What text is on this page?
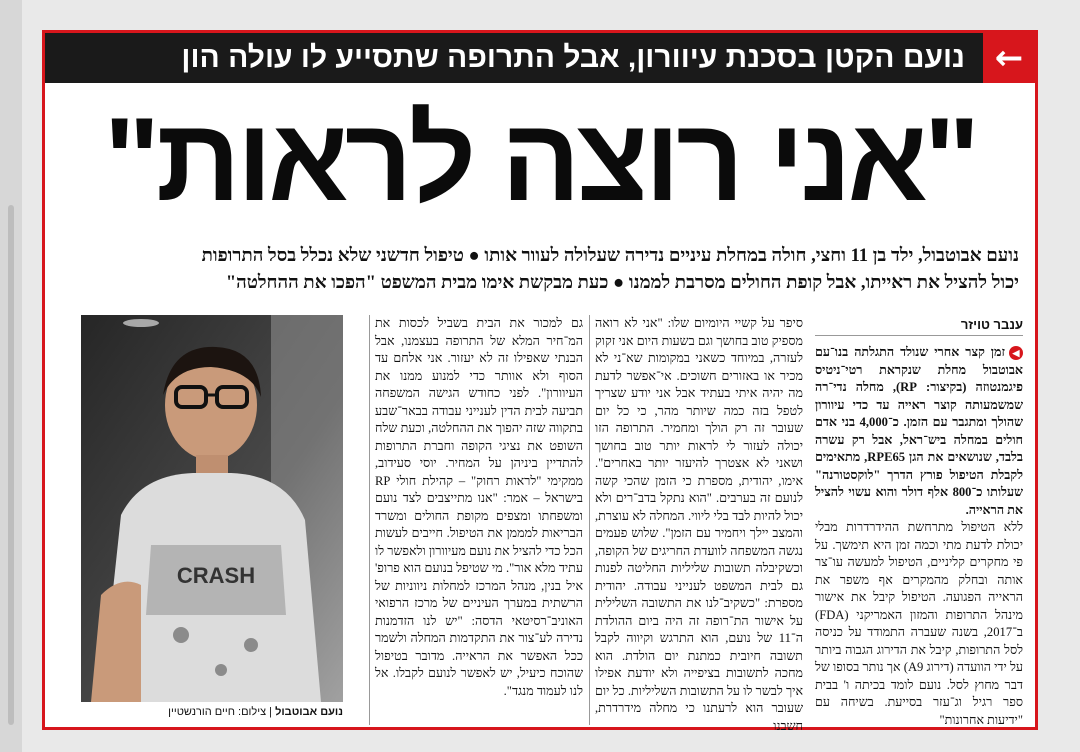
←
נועם הקטן בסכנת עיוורון, אבל התרופה שתסייע לו עולה הון
"אני רוצה לראות"
נועם אבוטבול, ילד בן 11 וחצי, חולה במחלת עיניים נדירה שעלולה לעוור אותו ● טיפול חדשני שלא נכלל בסל התרופות
יכול להציל את ראייתו, אבל קופת החולים מסרבת לממנו ● כעת מבקשת אימו מבית המשפט "הפכו את ההחלטה"
CRASH
נועם אבוטבול | צילום: חיים הורנשטיין
ענבר טויזר

◀זמן קצר אחרי שנולד התגלתה בנו־עם אבוטבול מחלת שנקראת רטי־ניטיס פיגמנטוזה (בקיצור: RP), מחלה נדי־רה שמשמעותה קוצר ראייה עד כדי עיוורון שהולך ומתגבר עם הזמן. כ־4,000 בני אדם חולים במחלה ביש־ראל, אבל רק עשרה בלבד, שנושאים את הגן RPE65, מתאימים לקבלת הטיפול פורץ הדרך "לוקסטורנה" שעלותו כ־800 אלף דולר והוא עשוי להציל את הראייה.

ללא הטיפול מתרחשת ההידרדרות מבלי יכולת לדעת מתי וכמה זמן היא תימשך. על פי מחקרים קליניים, הטיפול למעשה עו־צר אותה ובחלק מהמקרים אף משפר את הראייה הפגועה. הטיפול קיבל את אישור מינהל התרופות והמזון האמריקני (FDA) ב־2017, בשנה שעברה התמודד על כניסה לסל התרופות, קיבל את הדירוג הגבוה ביותר על ידי הוועדה (דירוג A9) אך נותר בסופו של דבר מחוץ לסל. נועם לומד בכיתה ו' בבית ספר רגיל וג־עזר בסייעת. בשיחה עם "ידיעות אחרונות"

סיפר על קשיי היומיום שלו: "אני לא רואה מספיק טוב בחושך וגם בשעות היום אני זקוק לעזרה, במיוחד כשאני במקומות שא־ני לא מכיר או באזורים חשוכים. אי־אפשר לדעת מה יהיה איתי בעתיד אבל אני יודע שצריך לטפל בזה כמה שיותר מהר, כי כל יום שעובר זה רק הולך ומחמיר. התרופה הזו יכולה לעזור לי לראות יותר טוב בחושך ושאני לא אצטרך להיעזר יותר באחרים". אימו, יהודית, מספרת כי הזמן שהכי קשה לנועם זה בערבים. "הוא נתקל בדב־רים ולא יכול להיות לבד בלי ליווי. המחלה לא עוצרת, והמצב יילך ויחמיר עם הזמן". שלוש פעמים נגשה המשפחה לוועדת החריגים של הקופה, וכשקיבלה תשובות שליליות החליטה לפנות גם לבית המשפט לענייני עבודה. יהודית מספרת: "כשקיב־לנו את התשובה השלילית על אישור הת־רופה זה היה ביום ההולדת ה־11 של נועם, הוא התרגש וקיווה לקבל תשובה חיובית כמתנת יום הולדת. הוא מחכה לתשובות בציפייה ולא יודעת אפילו איך לבשר לו על התשובות השליליות. כל יום שעובר הוא לרעתנו כי מחלה מידרדרת, חשבנו

גם למכור את הבית בשביל לכסות את המ־חיר המלא של התרופה בעצמנו, אבל הבנתי שאפילו זה לא יעזור. אני אלחם עד הסוף ולא אוותר כדי למנוע ממנו את העיוורון". לפני כחודש הגישה המשפחה תביעה לבית הדין לענייני עבודה בבאר־שבע בתקווה שזה יהפוך את ההחלטה, וכעת שלח השופט את נציגי הקופה וחברת התרופות להתדיין ביניהן על המחיר. יוסי סעידוב, ממקימי "לראות רחוק" – קהילת חולי RP בישראל – אמר: "אנו מתייצבים לצד נועם ומשפחתו ומצפים מקופת החולים ומשרד הבריאות למממן את הטיפול. חייבים לעשות הכל כדי להציל את נועם מעיוורון ולאפשר לו עתיד מלא אור". מי שטיפל בנועם הוא פרופ' איל בנין, מנהל המרכז למחלות ניווניות של הרשתית במערך העיניים של מרכז הרפואי האוניב־רסיטאי הדסה: "יש לנו הזדמנות נדירה לע־צור את התקדמות המחלה ולשמר ככל האפשר את הראייה. מדובר בטיפול שהוכח כיעיל, יש לאפשר לנועם לקבלו. אל לנו לעמוד מנגד".
